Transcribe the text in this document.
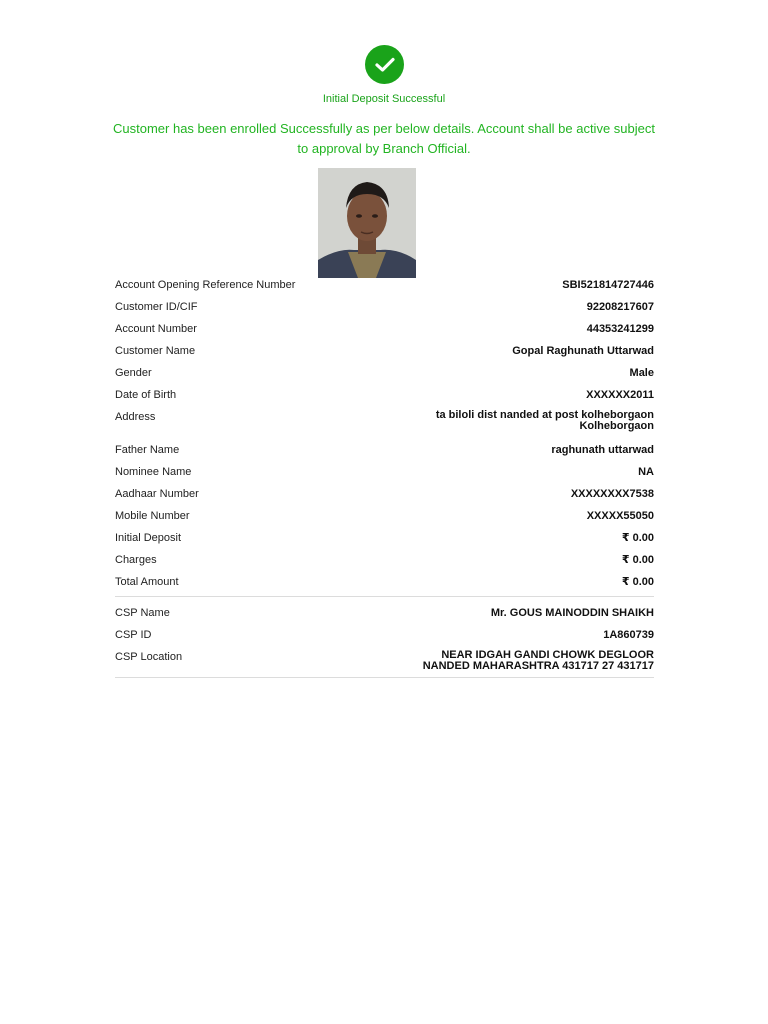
Initial Deposit Successful
Customer has been enrolled Successfully as per below details. Account shall be active subject to approval by Branch Official.
Account Opening Reference Number	SBI521814727446
Customer ID/CIF	92208217607
Account Number	44353241299
Customer Name	Gopal Raghunath Uttarwad
Gender	Male
Date of Birth	XXXXXX2011
Address	ta biloli dist nanded at post kolheborgaon
Kolheborgaon
Father Name	raghunath uttarwad
Nominee Name	NA
Aadhaar Number	XXXXXXXX7538
Mobile Number	XXXXX55050
Initial Deposit	₹ 0.00
Charges	₹ 0.00
Total Amount	₹ 0.00
CSP Name	Mr. GOUS MAINODDIN SHAIKH
CSP ID	1A860739
CSP Location	NEAR IDGAH GANDI CHOWK DEGLOOR
NANDED MAHARASHTRA 431717 27 431717
